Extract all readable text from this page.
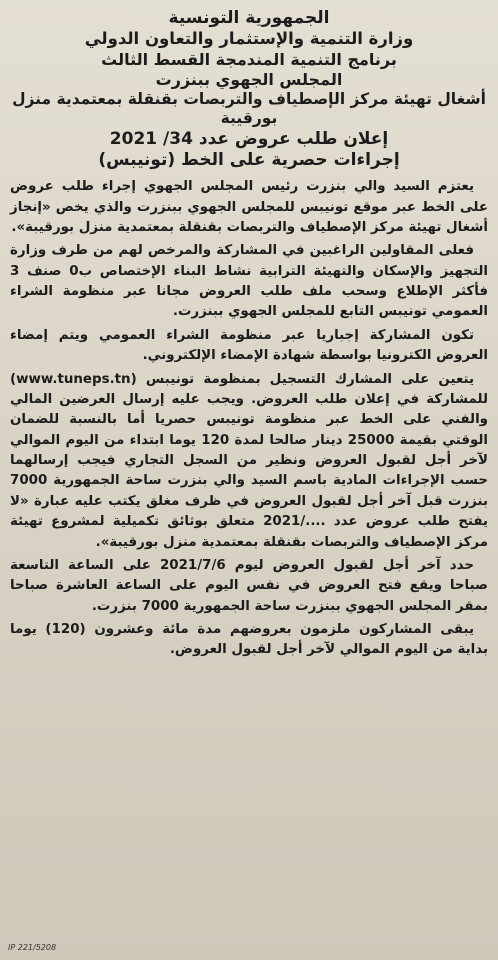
الجمهورية التونسية

وزارة التنمية والإستثمار والتعاون الدولي

برنامج التنمية المندمجة القسط الثالث

المجلس الجهوي ببنزرت

أشغال تهيئة مركز الإصطياف والتربصات بقنقلة بمعتمدية منزل بورقيبة

إعلان طلب عروض عدد 34/ 2021

إجراءات حصرية على الخط (تونيبس)

يعتزم السيد والي بنزرت رئيس المجلس الجهوي إجراء طلب عروض على الخط عبر موقع تونيبس للمجلس الجهوي ببنزرت والذي يخص «إنجاز أشغال تهيئة مركز الإصطياف والتربصات بقنقلة بمعتمدية منزل بورقيبة».

فعلى المقاولين الراغبين في المشاركة والمرخص لهم من طرف وزارة التجهيز والإسكان والتهيئة الترابية نشاط البناء الإختصاص ب0 صنف 3 فأكثر الإطلاع وسحب ملف طلب العروض مجانا عبر منظومة الشراء العمومي تونيبس التابع للمجلس الجهوي ببنزرت.

تكون المشاركة إجباريا عبر منظومة الشراء العمومي ويتم إمضاء العروض الكترونيا بواسطة شهادة الإمضاء الإلكتروني.

يتعين على المشارك التسجيل بمنظومة تونيبس (www.tuneps.tn) للمشاركة في إعلان طلب العروض. ويجب عليه إرسال العرضين المالي والفني على الخط عبر منظومة تونيبس حصريا أما بالنسبة للضمان الوقتي بقيمة 25000 دينار صالحا لمدة 120 يوما ابتداء من اليوم الموالي لآخر أجل لقبول العروض ونظير من السجل التجاري فيجب إرسالهما حسب الإجراءات المادية باسم السيد والي بنزرت ساحة الجمهورية 7000 بنزرت قبل آخر أجل لقبول العروض في ظرف مغلق يكتب عليه عبارة «لا يفتح طلب عروض عدد ..../2021 متعلق بوثائق تكميلية لمشروع تهيئة مركز الإصطياف والتربصات بقنقلة بمعتمدية منزل بورقيبة».

حدد آخر أجل لقبول العروض ليوم 2021/7/6 على الساعة التاسعة صباحا ويقع فتح العروض في نفس اليوم على الساعة العاشرة صباحا بمقر المجلس الجهوي ببنزرت ساحة الجمهورية 7000 بنزرت.

يبقى المشاركون ملزمون بعروضهم مدة مائة وعشرون (120) يوما بداية من اليوم الموالي لآخر أجل لقبول العروض.

IP 221/5208
